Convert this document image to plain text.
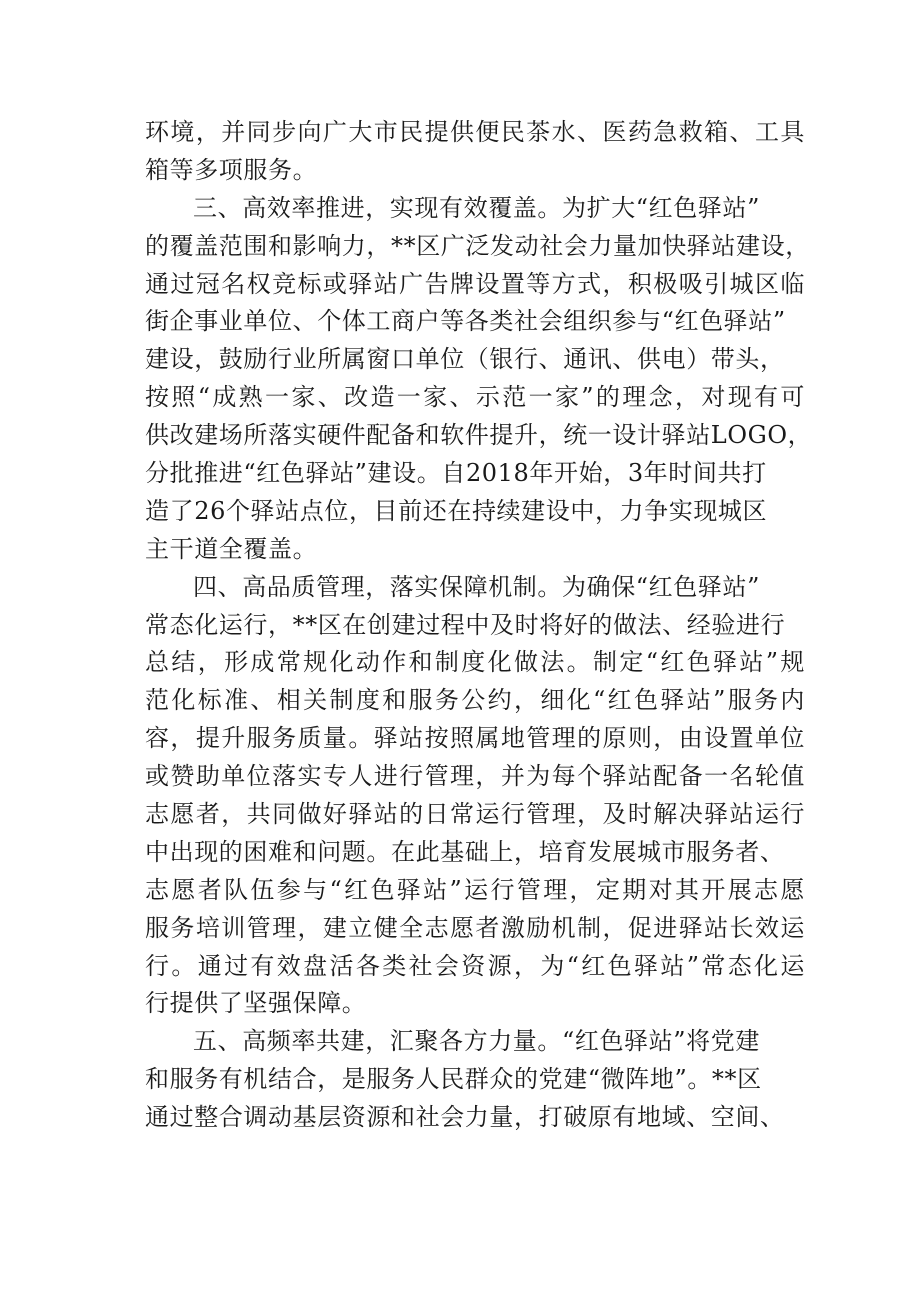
环境，并同步向广大市民提供便民茶水、医药急救箱、工具
箱等多项服务。
三、高效率推进，实现有效覆盖。为扩大“红色驿站”
的覆盖范围和影响力，**区广泛发动社会力量加快驿站建设，
通过冠名权竞标或驿站广告牌设置等方式，积极吸引城区临
街企事业单位、个体工商户等各类社会组织参与“红色驿站”
建设，鼓励行业所属窗口单位（银行、通讯、供电）带头，
按照“成熟一家、改造一家、示范一家”的理念，对现有可
供改建场所落实硬件配备和软件提升，统一设计驿站LOGO，
分批推进“红色驿站”建设。自2018年开始，3年时间共打
造了26个驿站点位，目前还在持续建设中，力争实现城区
主干道全覆盖。
四、高品质管理，落实保障机制。为确保“红色驿站”
常态化运行，**区在创建过程中及时将好的做法、经验进行
总结，形成常规化动作和制度化做法。制定“红色驿站”规
范化标准、相关制度和服务公约，细化“红色驿站”服务内
容，提升服务质量。驿站按照属地管理的原则，由设置单位
或赞助单位落实专人进行管理，并为每个驿站配备一名轮值
志愿者，共同做好驿站的日常运行管理，及时解决驿站运行
中出现的困难和问题。在此基础上，培育发展城市服务者、
志愿者队伍参与“红色驿站”运行管理，定期对其开展志愿
服务培训管理，建立健全志愿者激励机制，促进驿站长效运
行。通过有效盘活各类社会资源，为“红色驿站”常态化运
行提供了坚强保障。
五、高频率共建，汇聚各方力量。“红色驿站”将党建
和服务有机结合，是服务人民群众的党建“微阵地”。**区
通过整合调动基层资源和社会力量，打破原有地域、空间、
